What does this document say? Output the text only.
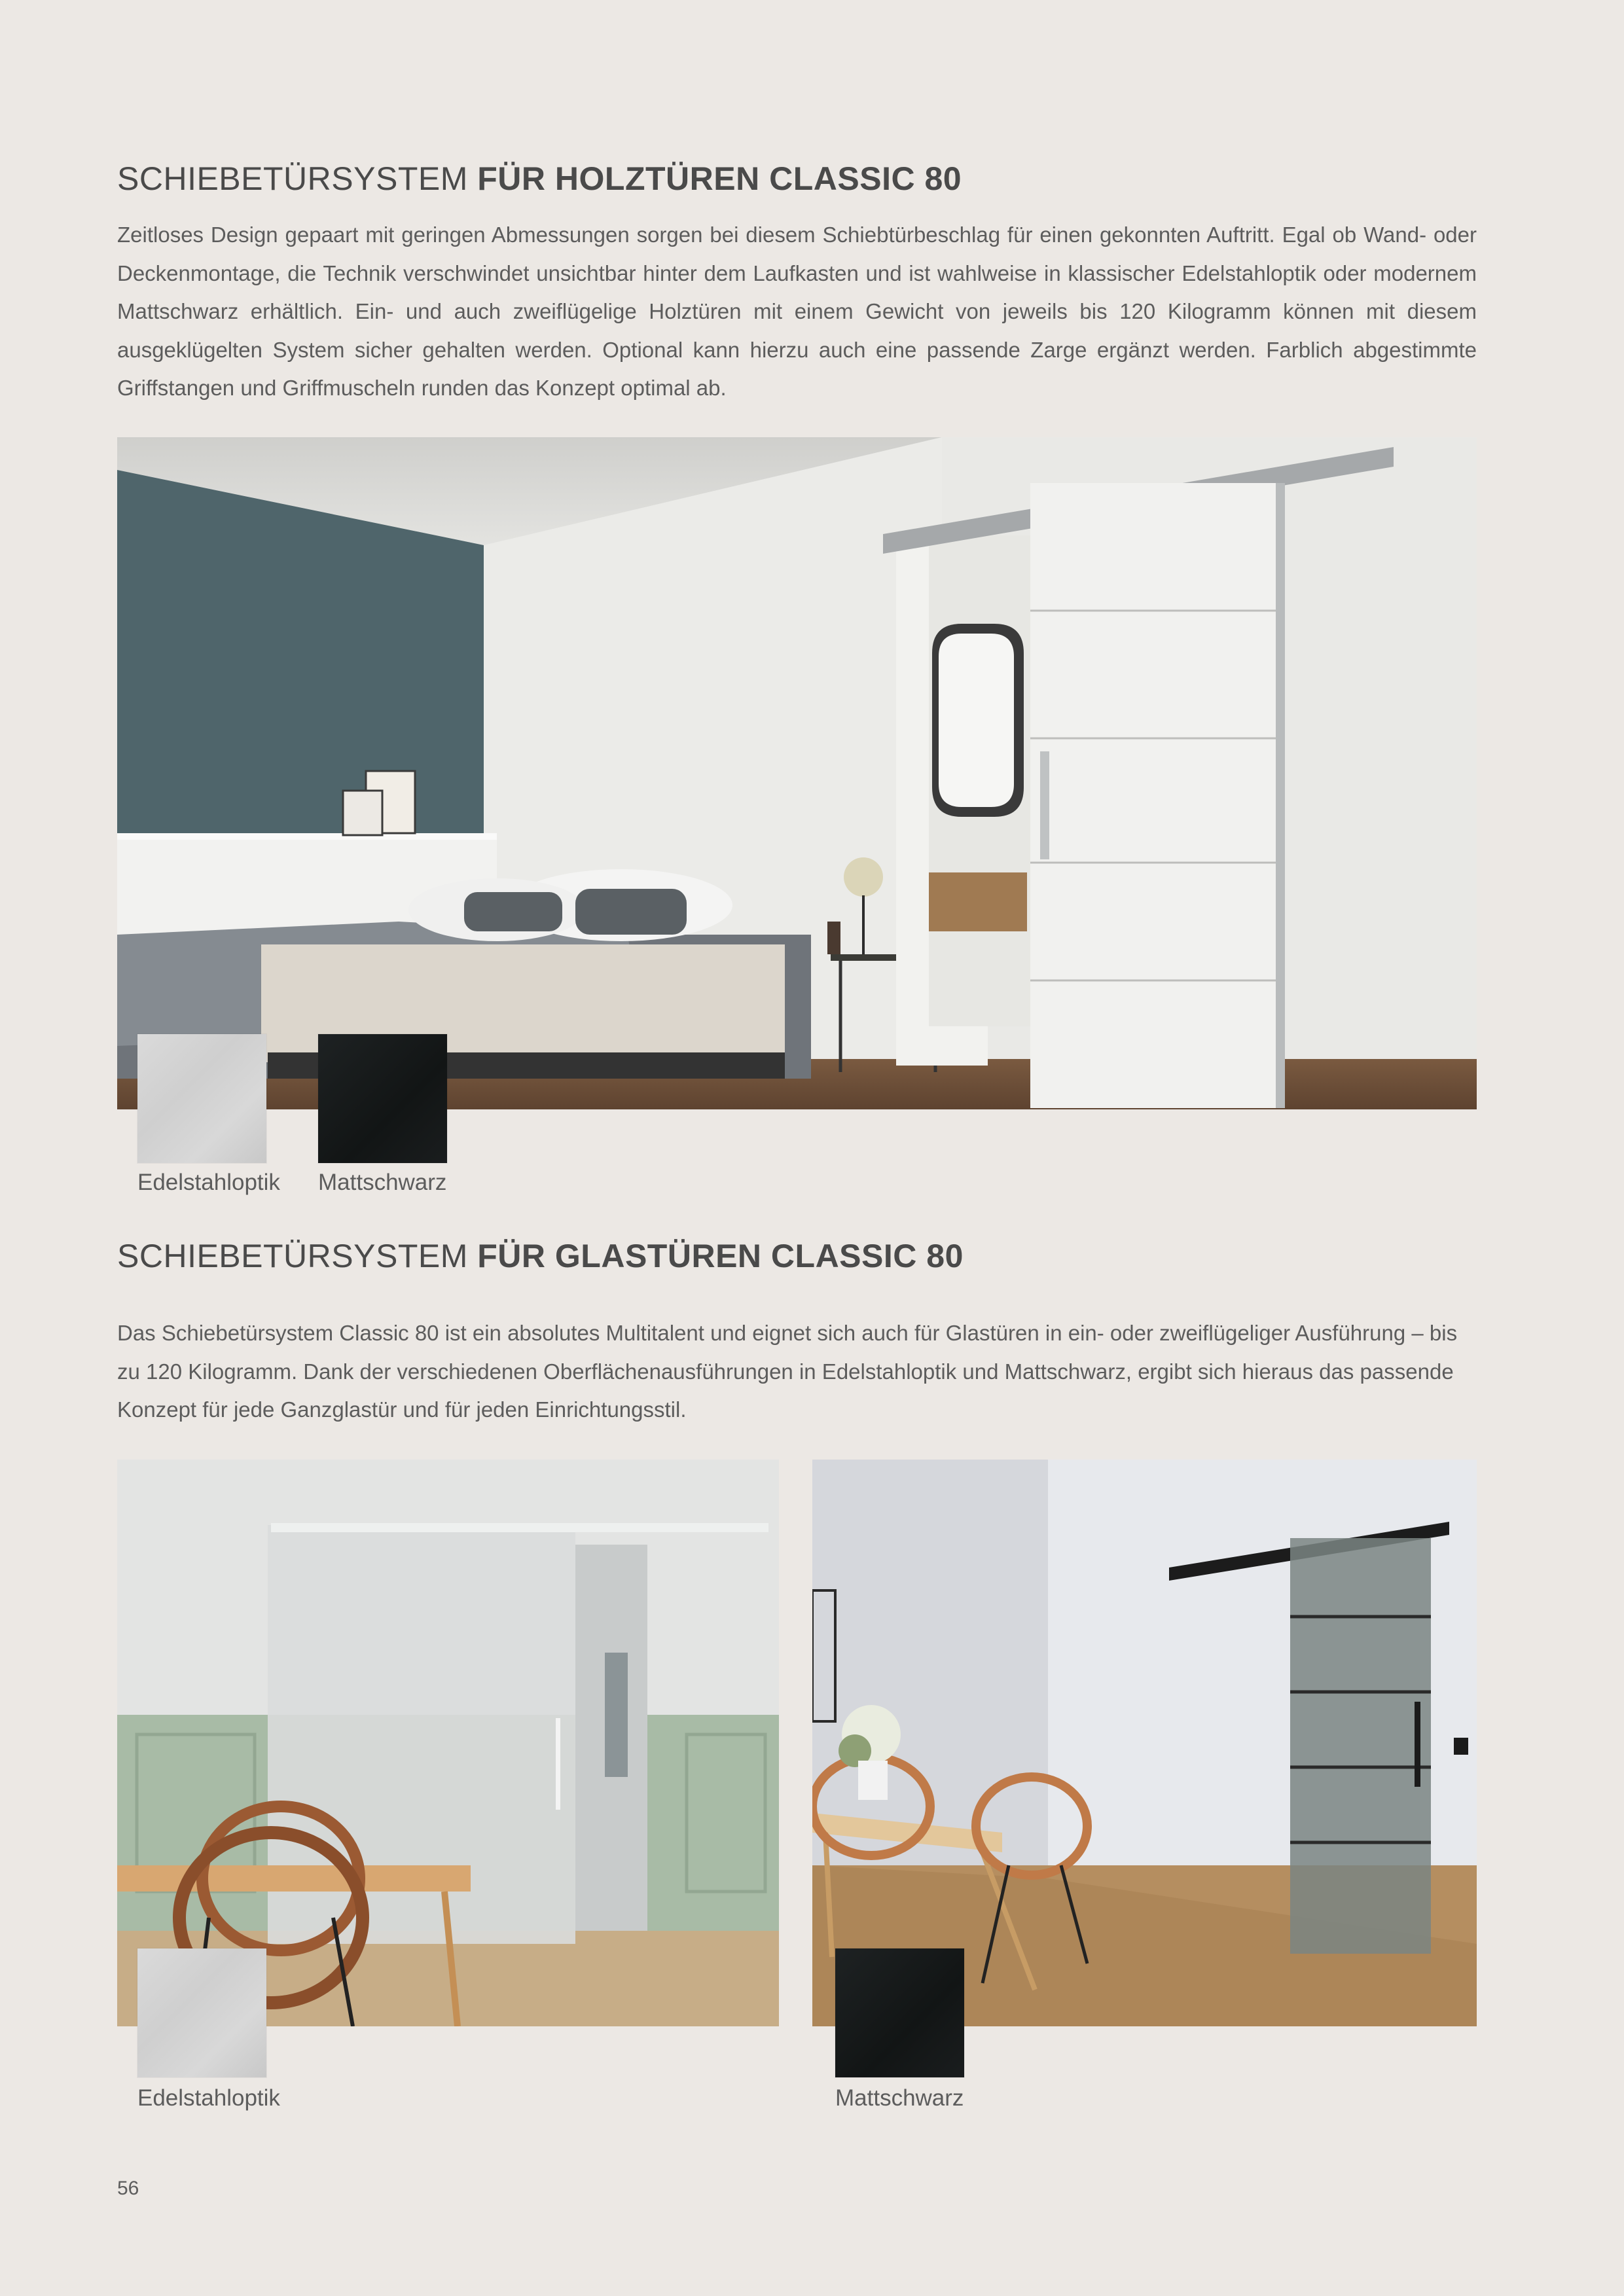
SCHIEBETÜRSYSTEM FÜR HOLZTÜREN CLASSIC 80

Zeitloses Design gepaart mit geringen Abmessungen sorgen bei diesem Schiebtürbeschlag für einen gekonnten Auftritt. Egal ob Wand- oder Deckenmontage, die Technik verschwindet unsichtbar hinter dem Laufkasten und ist wahlweise in klassischer Edelstahloptik oder modernem Mattschwarz erhältlich. Ein- und auch zweiflügelige Holztüren mit einem Gewicht von jeweils bis 120 Kilogramm können mit diesem ausgeklügelten System sicher gehalten werden. Optional kann hierzu auch eine passende Zarge ergänzt werden. Farblich abgestimmte Griffstangen und Griffmuscheln runden das Konzept optimal ab.

Edelstahloptik Mattschwarz
SCHIEBETÜRSYSTEM FÜR GLASTÜREN CLASSIC 80

Das Schiebetürsystem Classic 80 ist ein absolutes Multitalent und eignet sich auch für Glastüren in ein- oder zweiflügeliger Ausführung – bis zu 120 Kilogramm. Dank der verschiedenen Oberflächenausführungen in Edelstahloptik und Mattschwarz, ergibt sich hieraus das passende Konzept für jede Ganzglastür und für jeden Einrichtungsstil.

Edelstahloptik	Mattschwarz
56
